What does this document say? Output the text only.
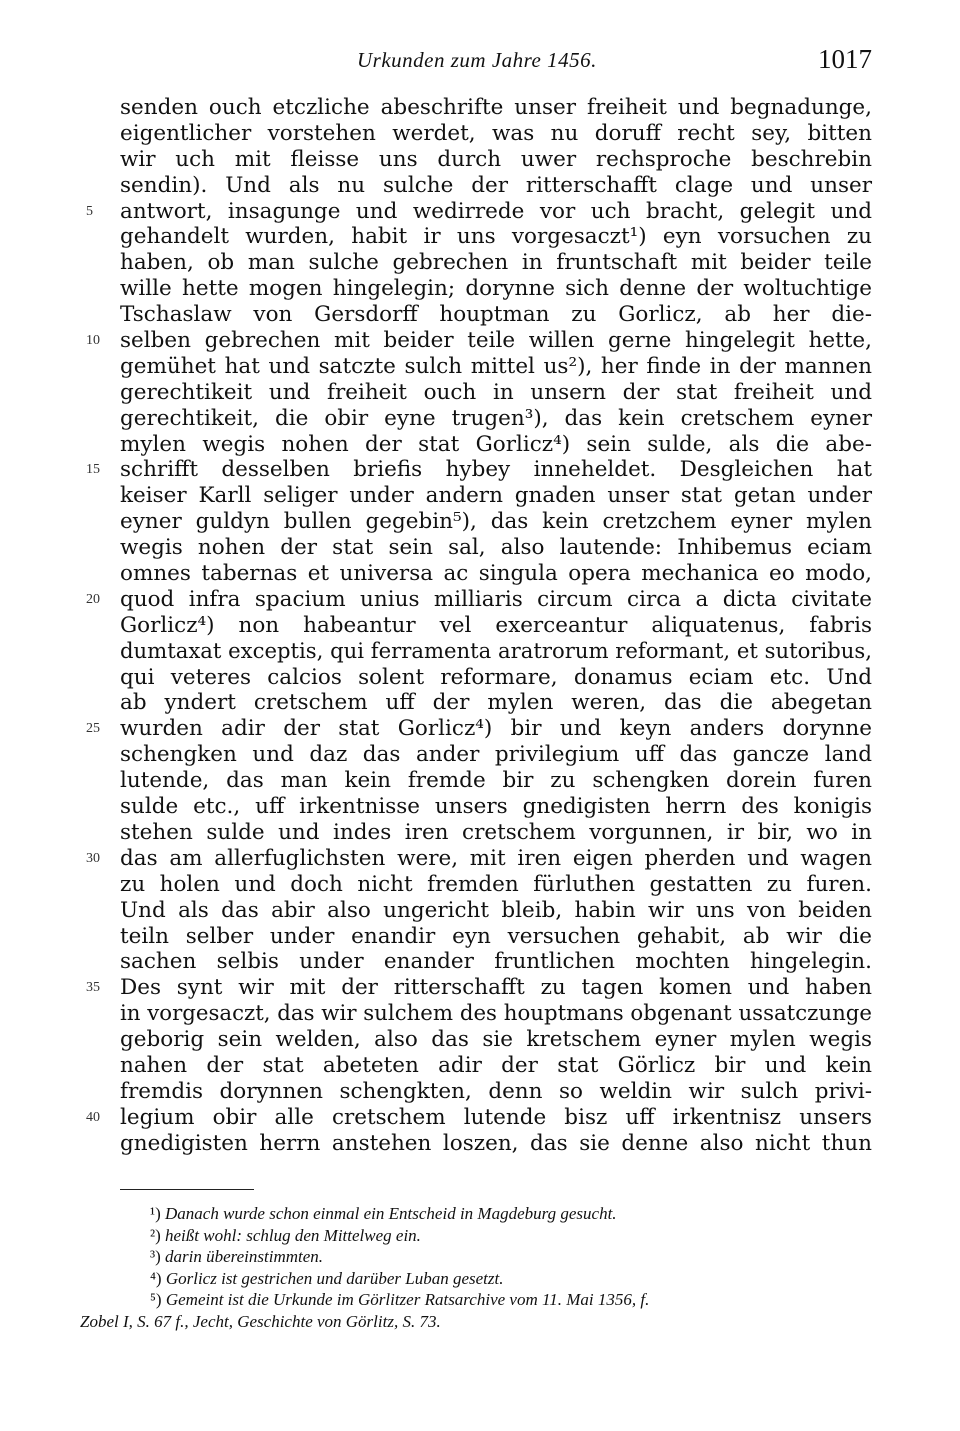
Urkunden zum Jahre 1456.	1017
senden ouch etczliche abeschrifte unser freiheit und begnadunge,
eigentlicher vorstehen werdet, was nu doruff recht sey, bitten
wir uch mit fleisse uns durch uwer rechsproche beschrebin
sendin). Und als nu sulche der ritterschafft clage und unser
5	antwort, insagunge und wedirrede vor uch bracht, gelegit und
gehandelt wurden, habit ir uns vorgesaczt¹) eyn vorsuchen zu
haben, ob man sulche gebrechen in fruntschaft mit beider teile
wille hette mogen hingelegin; dorynne sich denne der woltuchtige
Tschaslaw von Gersdorff houptman zu Gorlicz, ab her die-
10 selben gebrechen mit beider teile willen gerne hingelegit hette,
gemühet hat und satczte sulch mittel us²), her finde in der mannen
gerechtikeit und freiheit ouch in unsern der stat freiheit und
gerechtikeit, die obir eyne trugen³), das kein cretschem eyner
mylen wegis nohen der stat Gorlicz⁴) sein sulde, als die abe-
15 schrifft desselben briefis hybey inneheldet. Desgleichen hat
keiser Karll seliger under andern gnaden unser stat getan under
eyner guldyn bullen gegebin⁵), das kein cretzchem eyner mylen
wegis nohen der stat sein sal, also lautende: Inhibemus eciam
omnes tabernas et universa ac singula opera mechanica eo modo,
20 quod infra spacium unius milliaris circum circa a dicta civitate
Gorlicz⁴) non habeantur vel exerceantur aliquatenus, fabris
dumtaxat exceptis, qui ferramenta aratrorum reformant, et sutoribus,
qui veteres calcios solent reformare, donamus eciam etc. Und
ab yndert cretschem uff der mylen weren, das die abegetan
25 wurden adir der stat Gorlicz⁴) bir und keyn anders dorynne
schengken und daz das ander privilegium uff das gancze land
lutende, das man kein fremde bir zu schengken dorein furen
sulde etc., uff irkentnisse unsers gnedigisten herrn des konigis
stehen sulde und indes iren cretschem vorgunnen, ir bir, wo in
30 das am allerfuglichsten were, mit iren eigen pherden und wagen
zu holen und doch nicht fremden fürluthen gestatten zu furen.
Und als das abir also ungericht bleib, habin wir uns von beiden
teiln selber under enandir eyn versuchen gehabit, ab wir die
sachen selbis under enander fruntlichen mochten hingelegin.
35 Des synt wir mit der ritterschafft zu tagen komen und haben
in vorgesaczt, das wir sulchem des houptmans obgenant ussatczunge
geborig sein welden, also das sie kretschem eyner mylen wegis
nahen der stat abeteten adir der stat Görlicz bir und kein
fremdis dorynnen schengkten, denn so weldin wir sulch privi-
40 legium obir alle cretschem lutende bisz uff irkentnisz unsers
gnedigisten herrn anstehen loszen, das sie denne also nicht thun
¹) Danach wurde schon einmal ein Entscheid in Magdeburg gesucht.
²) heißt wohl: schlug den Mittelweg ein.
³) darin übereinstimmten.
⁴) Gorlicz ist gestrichen und darüber Luban gesetzt.
⁵) Gemeint ist die Urkunde im Görlitzer Ratsarchive vom 11. Mai 1356, f.
Zobel I, S. 67 f., Jecht, Geschichte von Görlitz, S. 73.
